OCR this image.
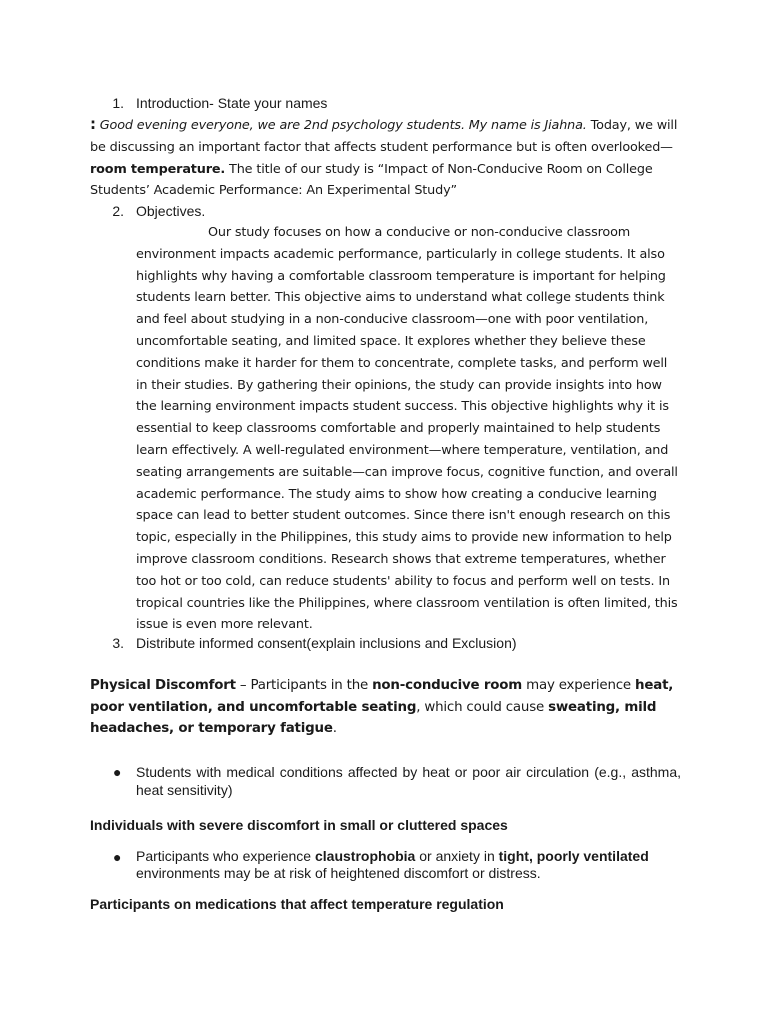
1. Introduction- State your names
: Good evening everyone, we are 2nd psychology students. My name is Jiahna. Today, we will be discussing an important factor that affects student performance but is often overlooked—room temperature. The title of our study is “Impact of Non-Conducive Room on College Students’ Academic Performance: An Experimental Study”
2. Objectives.
Our study focuses on how a conducive or non-conducive classroom environment impacts academic performance, particularly in college students. It also highlights why having a comfortable classroom temperature is important for helping students learn better. This objective aims to understand what college students think and feel about studying in a non-conducive classroom—one with poor ventilation, uncomfortable seating, and limited space. It explores whether they believe these conditions make it harder for them to concentrate, complete tasks, and perform well in their studies. By gathering their opinions, the study can provide insights into how the learning environment impacts student success. This objective highlights why it is essential to keep classrooms comfortable and properly maintained to help students learn effectively. A well-regulated environment—where temperature, ventilation, and seating arrangements are suitable—can improve focus, cognitive function, and overall academic performance. The study aims to show how creating a conducive learning space can lead to better student outcomes. Since there isn't enough research on this topic, especially in the Philippines, this study aims to provide new information to help improve classroom conditions. Research shows that extreme temperatures, whether too hot or too cold, can reduce students' ability to focus and perform well on tests. In tropical countries like the Philippines, where classroom ventilation is often limited, this issue is even more relevant.
3. Distribute informed consent(explain inclusions and Exclusion)
Physical Discomfort – Participants in the non-conducive room may experience heat, poor ventilation, and uncomfortable seating, which could cause sweating, mild headaches, or temporary fatigue.
● Students with medical conditions affected by heat or poor air circulation (e.g., asthma, heat sensitivity)
Individuals with severe discomfort in small or cluttered spaces
● Participants who experience claustrophobia or anxiety in tight, poorly ventilated environments may be at risk of heightened discomfort or distress.
Participants on medications that affect temperature regulation
